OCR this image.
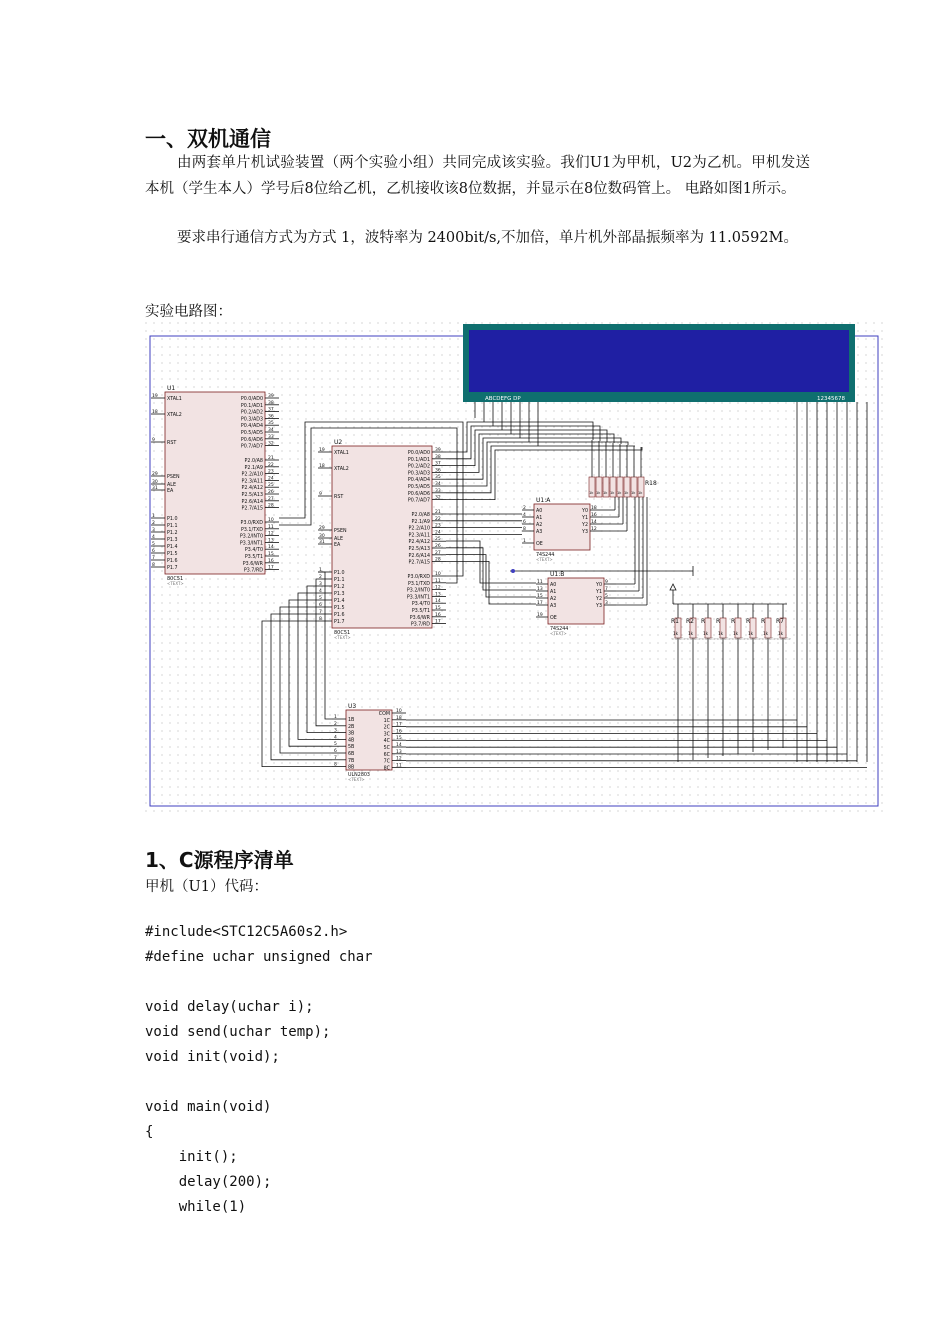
一、双机通信

由两套单片机试验装置（两个实验小组）共同完成该实验。我们U1为甲机，U2为乙机。甲机发送本机（学生本人）学号后8位给乙机，乙机接收该8位数据，并显示在8位数码管上。 电路如图1所示。

要求串行通信方式为方式 1，波特率为 2400bit/s,不加倍，单片机外部晶振频率为 11.0592M。

实验电路图：

ABCDEFG DP	12345678
U1
80C51
<TEXT>
XTAL1
19
XTAL2
18
RST
9
PSEN
29
ALE
30
EA
31
P1.0
1
P1.1
2
P1.2
3
P1.3
4
P1.4
5
P1.5
6
P1.6
7
P1.7
8
P0.0/AD0
39
P0.1/AD1
38
P0.2/AD2
37
P0.3/AD3
36
P0.4/AD4
35
P0.5/AD5
34
P0.6/AD6
33
P0.7/AD7
32
P2.0/A8
21
P2.1/A9
22
P2.2/A10
23
P2.3/A11
24
P2.4/A12
25
P2.5/A13
26
P2.6/A14
27
P2.7/A15
28
P3.0/RXD
10
P3.1/TXD
11
P3.2/INT0
12
P3.3/INT1
13
P3.4/T0
14
P3.5/T1
15
P3.6/WR
16
P3.7/RD
17
U2
80C51
<TEXT>
XTAL1
19
XTAL2
18
RST
9
PSEN
29
ALE
30
EA
31
P1.0
1
P1.1
2
P1.2
3
P1.3
4
P1.4
5
P1.5
6
P1.6
7
P1.7
8
P0.0/AD0
39
P0.1/AD1
38
P0.2/AD2
37
P0.3/AD3
36
P0.4/AD4
35
P0.5/AD5
34
P0.6/AD6
33
P0.7/AD7
32
P2.0/A8
21
P2.1/A9
22
P2.2/A10
23
P2.3/A11
24
P2.4/A12
25
P2.5/A13
26
P2.6/A14
27
P2.7/A15
28
P3.0/RXD
10
P3.1/TXD
11
P3.2/INT0
12
P3.3/INT1
13
P3.4/T0
14
P3.5/T1
15
P3.6/WR
16
P3.7/RD
17
U1:A
74S244
<TEXT>
A0
2
A1
4
A2
6
A3
8
OE
1
Y0
18
Y1
16
Y2
14
Y3
12
U1:B
74S244
<TEXT>
A0
11
A1
13
A2
15
A3
17
OE
19
Y0
9
Y1
7
Y2
5
Y3
3
U3
ULN2803
<TEXT>
1B
1
2B
2
3B
3
4B
4
5B
5
6B
6
7B
7
8B
8
COM
10
1C
18
2C
17
3C
16
4C
15
5C
14
6C
13
7C
12
8C
11
1k 1k 1k 1k 1k 1k 1k 1k
R18
R1
1k
<TEXT>
R2
1k
<TEXT>
R
1k
<TEXT>
R
1k
<TEXT>
R
1k
<TEXT>
R
1k
<TEXT>
R
1k
<TEXT>
R7
1k
<TEXT>
1、C源程序清单

甲机（U1）代码：

#include<STC12C5A60s2.h>
#define uchar unsigned char
void delay(uchar i);
void send(uchar temp);
void init(void);
void main(void)
{
init();
delay(200);
while(1)
